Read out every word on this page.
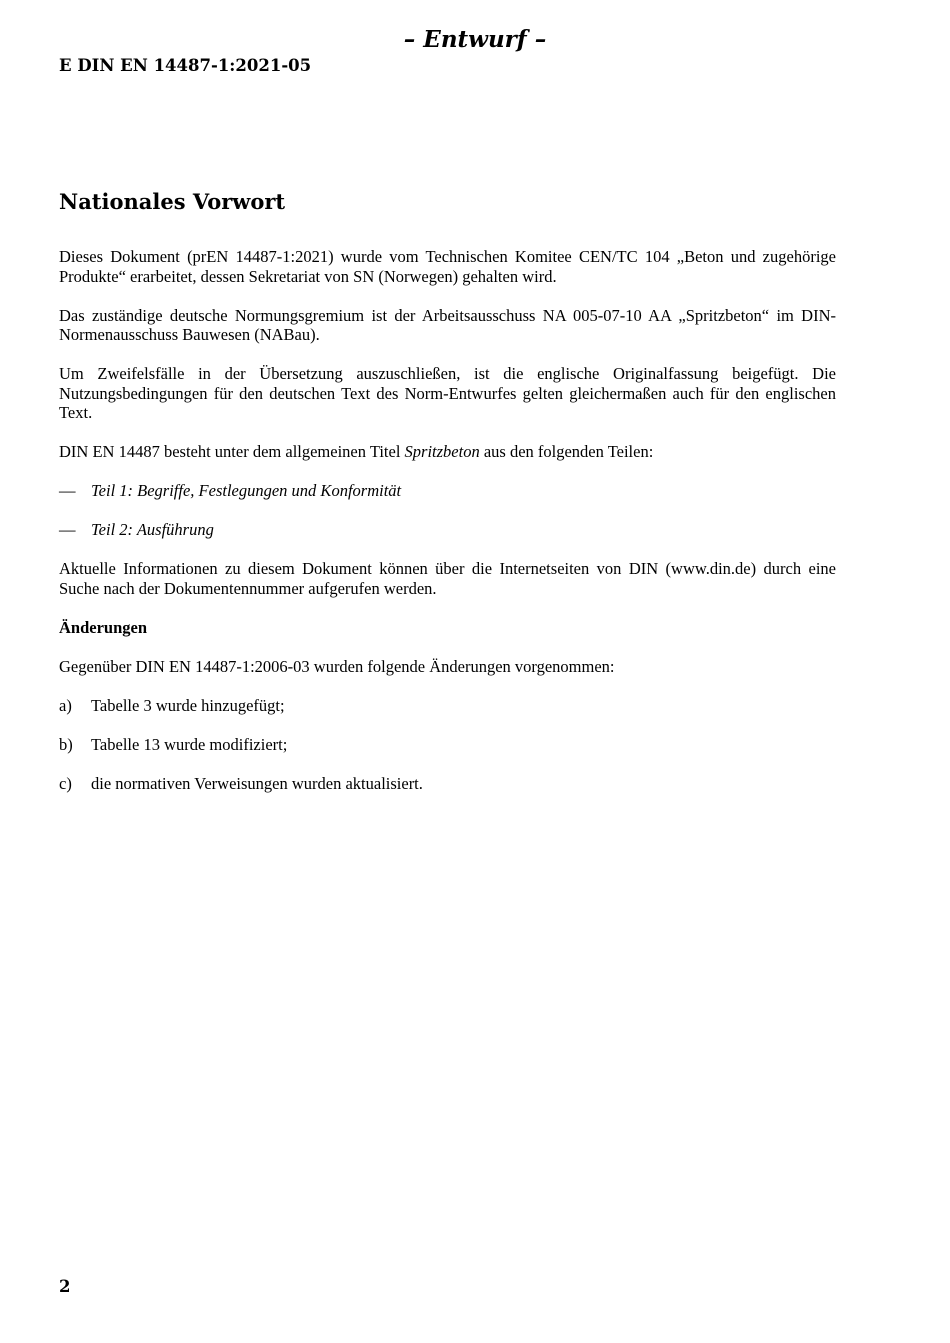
– Entwurf –

E DIN EN 14487-1:2021-05

Nationales Vorwort

Dieses Dokument (prEN 14487-1:2021) wurde vom Technischen Komitee CEN/TC 104 „Beton und zugehörige Produkte“ erarbeitet, dessen Sekretariat von SN (Norwegen) gehalten wird.

Das zuständige deutsche Normungsgremium ist der Arbeitsausschuss NA 005-07-10 AA „Spritzbeton“ im DIN-Normenausschuss Bauwesen (NABau).

Um Zweifelsfälle in der Übersetzung auszuschließen, ist die englische Originalfassung beigefügt. Die Nutzungsbedingungen für den deutschen Text des Norm-Entwurfes gelten gleichermaßen auch für den englischen Text.

DIN EN 14487 besteht unter dem allgemeinen Titel Spritzbeton aus den folgenden Teilen:

— Teil 1: Begriffe, Festlegungen und Konformität
— Teil 2: Ausführung

Aktuelle Informationen zu diesem Dokument können über die Internetseiten von DIN (www.din.de) durch eine Suche nach der Dokumentennummer aufgerufen werden.

Änderungen

Gegenüber DIN EN 14487-1:2006-03 wurden folgende Änderungen vorgenommen:

a)	Tabelle 3 wurde hinzugefügt;
b)	Tabelle 13 wurde modifiziert;
c)	die normativen Verweisungen wurden aktualisiert.

2
